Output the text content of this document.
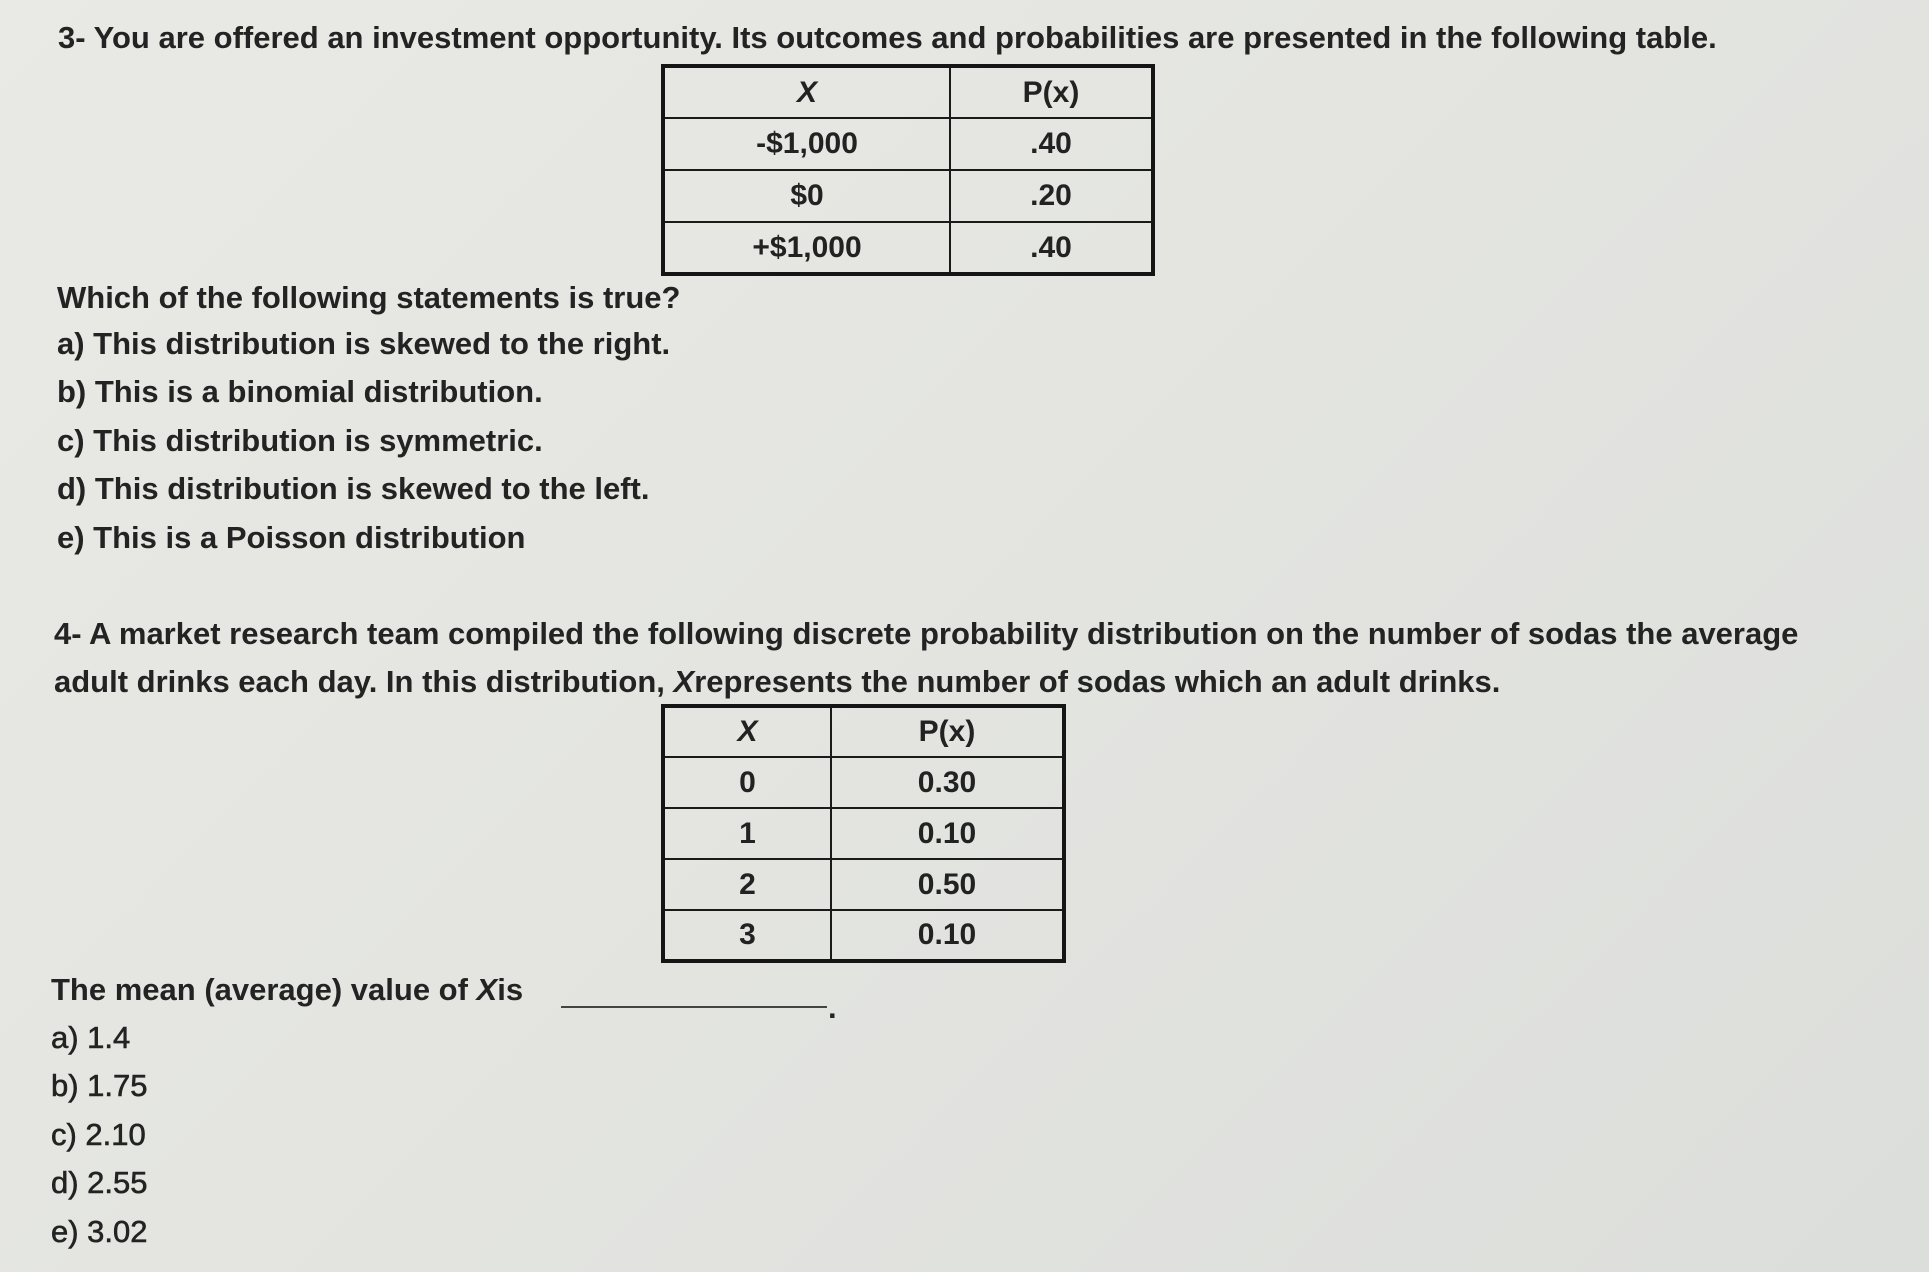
3- You are offered an investment opportunity. Its outcomes and probabilities are presented in the following table.

X	P(x)
-$1,000	.40
$0	.20
+$1,000	.40

Which of the following statements is true?

a) This distribution is skewed to the right.

b) This is a binomial distribution.

c) This distribution is symmetric.

d) This distribution is skewed to the left.

e) This is a Poisson distribution

4- A market research team compiled the following discrete probability distribution on the number of sodas the average

adult drinks each day. In this distribution, Xrepresents the number of sodas which an adult drinks.

X	P(x)
0	0.30
1	0.10
2	0.50
3	0.10

The mean (average) value of Xis

.

a) 1.4

b) 1.75

c) 2.10

d) 2.55

e) 3.02
